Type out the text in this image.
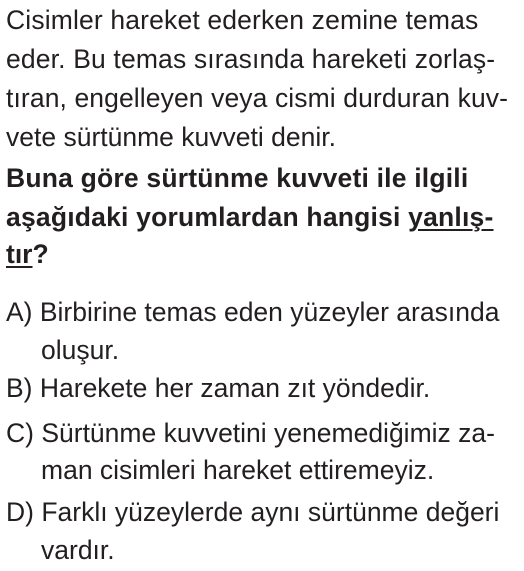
Cisimler hareket ederken zemine temas
eder. Bu temas sırasında hareketi zorlaş-
tıran, engelleyen veya cismi durduran kuv-
vete sürtünme kuvveti denir.
Buna göre sürtünme kuvveti ile ilgili
aşağıdaki yorumlardan hangisi yanlış-
tır?
A) Birbirine temas eden yüzeyler arasında
oluşur.
B) Harekete her zaman zıt yöndedir.
C) Sürtünme kuvvetini yenemediğimiz za-
man cisimleri hareket ettiremeyiz.
D) Farklı yüzeylerde aynı sürtünme değeri
vardır.
